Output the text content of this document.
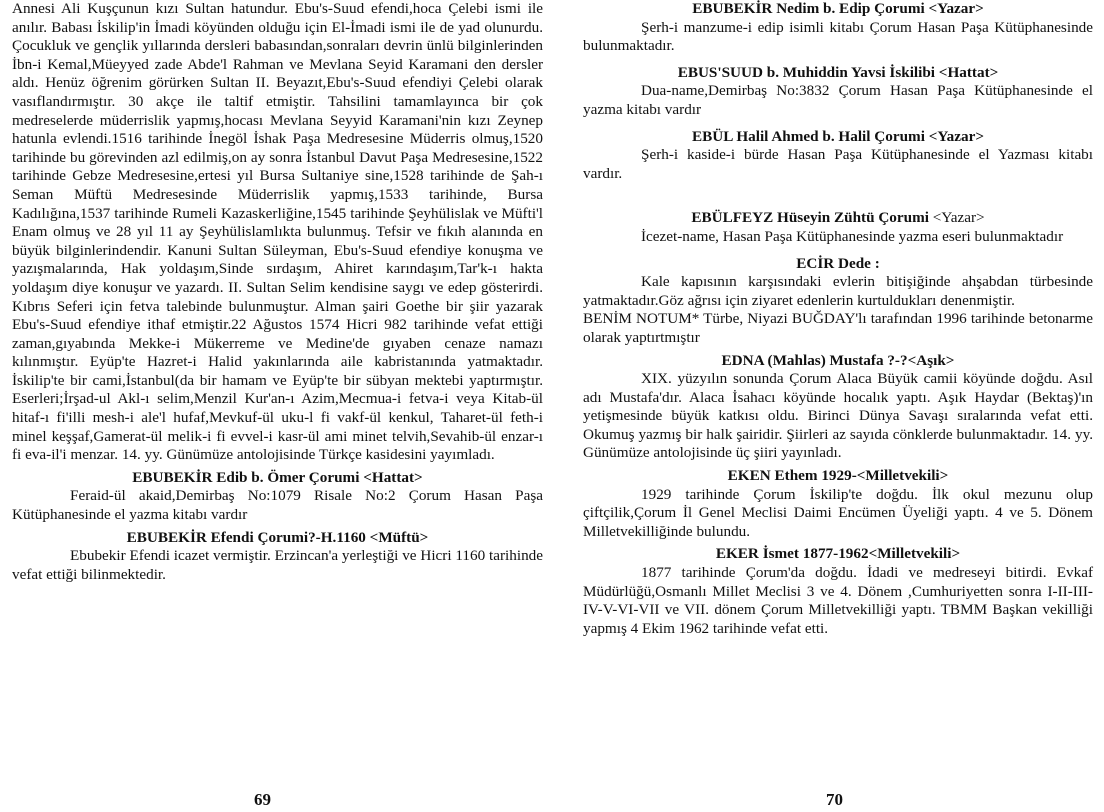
Annesi Ali Kuşçunun kızı Sultan hatundur. Ebu's-Suud efendi,hoca Çelebi ismi ile anılır. Babası İskilip'in İmadi köyünden olduğu için El-İmadi ismi ile de yad olunurdu. Çocukluk ve gençlik yıllarında dersleri babasından,sonraları devrin ünlü bilginlerinden İbn-i Kemal,Müeyyed zade Abde'l Rahman ve Mevlana Seyid Karamani den dersler aldı. Henüz öğrenim görürken Sultan II. Beyazıt,Ebu's-Suud efendiyi Çelebi olarak vasıflandırmıştır. 30 akçe ile taltif etmiştir. Tahsilini tamamlayınca bir çok medreselerde müderrislik yapmış,hocası Mevlana Seyyid Karamani'nin kızı Zeynep hatunla evlendi.1516 tarihinde İnegöl İshak Paşa Medresesine Müderris olmuş,1520 tarihinde bu görevinden azl edilmiş,on ay sonra İstanbul Davut Paşa Medresesine,1522 tarihinde Gebze Medresesine,ertesi yıl Bursa Sultaniye sine,1528 tarihinde de Şah-ı Seman Müftü Medresesinde Müderrislik yapmış,1533 tarihinde, Bursa Kadılığına,1537 tarihinde Rumeli Kazaskerliğine,1545 tarihinde Şeyhülislak ve Müfti'l Enam olmuş ve 28 yıl 11 ay Şeyhülislamlıkta bulunmuş. Tefsir ve fıkıh alanında en büyük bilginlerindendir. Kanuni Sultan Süleyman, Ebu's-Suud efendiye konuşma ve yazışmalarında, Hak yoldaşım,Sinde sırdaşım, Ahiret karındaşım,Tar'k-ı hakta yoldaşım diye konuşur ve yazardı. II. Sultan Selim kendisine saygı ve edep gösterirdi. Kıbrıs Seferi için fetva talebinde bulunmuştur. Alman şairi Goethe bir şiir yazarak Ebu's-Suud efendiye ithaf etmiştir.22 Ağustos 1574 Hicri 982 tarihinde vefat ettiği zaman,gıyabında Mekke-i Mükerreme ve Medine'de gıyaben cenaze namazı kılınmıştır. Eyüp'te Hazret-i Halid yakınlarında aile kabristanında yatmaktadır. İskilip'te bir cami,İstanbul(da bir hamam ve Eyüp'te bir sübyan mektebi yaptırmıştır. Eserleri;İrşad-ul Akl-ı selim,Menzil Kur'an-ı Azim,Mecmua-i fetva-i veya Kitab-ül hitaf-ı fi'illi mesh-i ale'l hufaf,Mevkuf-ül uku-l fi vakf-ül kenkul, Taharet-ül feth-i minel keşşaf,Gamerat-ül melik-i fi evvel-i kasr-ül ami minet telvih,Sevahib-ül enzar-ı fi eva-il'i menzar. 14. yy. Günümüze antolojisinde Türkçe kasidesini yayımladı.

EBUBEKİR Edib b. Ömer Çorumi <Hattat>

Feraid-ül akaid,Demirbaş No:1079 Risale No:2 Çorum Hasan Paşa Kütüphanesinde el yazma kitabı vardır

EBUBEKİR Efendi Çorumi?-H.1160 <Müftü>

Ebubekir Efendi icazet vermiştir. Erzincan'a yerleştiği ve Hicri 1160 tarihinde vefat ettiği bilinmektedir.

69

EBUBEKİR Nedim b. Edip Çorumi <Yazar>

Şerh-i manzume-i edip isimli kitabı Çorum Hasan Paşa Kütüphanesinde bulunmaktadır.

EBUS'SUUD b. Muhiddin Yavsi İskilibi <Hattat>

Dua-name,Demirbaş No:3832 Çorum Hasan Paşa Kütüphanesinde el yazma kitabı vardır

EBÜL Halil Ahmed b. Halil Çorumi <Yazar>

Şerh-i kaside-i bürde Hasan Paşa Kütüphanesinde el Yazması kitabı vardır.

EBÜLFEYZ Hüseyin Zühtü Çorumi <Yazar>

İcezet-name, Hasan Paşa Kütüphanesinde yazma eseri bulunmaktadır

ECİR Dede :

Kale kapısının karşısındaki evlerin bitişiğinde ahşabdan türbesinde yatmaktadır.Göz ağrısı için ziyaret edenlerin kurtuldukları denenmiştir.

BENİM NOTUM* Türbe, Niyazi BUĞDAY'lı tarafından 1996 tarihinde betonarme olarak yaptırtmıştır

EDNA (Mahlas) Mustafa ?-?<Aşık>

XIX. yüzyılın sonunda Çorum Alaca Büyük camii köyünde doğdu. Asıl adı Mustafa'dır. Alaca İsahacı köyünde hocalık yaptı. Aşık Haydar (Bektaş)'ın yetişmesinde büyük katkısı oldu. Birinci Dünya Savaşı sıralarında vefat etti. Okumuş yazmış bir halk şairidir. Şiirleri az sayıda cönklerde bulunmaktadır. 14. yy. Günümüze antolojisinde üç şiiri yayınladı.

EKEN Ethem 1929-<Milletvekili>

1929 tarihinde Çorum İskilip'te doğdu. İlk okul mezunu olup çiftçilik,Çorum İl Genel Meclisi Daimi Encümen Üyeliği yaptı. 4 ve 5. Dönem Milletvekilliğinde bulundu.

EKER İsmet 1877-1962<Milletvekili>

1877 tarihinde Çorum'da doğdu. İdadi ve medreseyi bitirdi. Evkaf Müdürlüğü,Osmanlı Millet Meclisi 3 ve 4. Dönem ,Cumhuriyetten sonra I-II-III-IV-V-VI-VII ve VII. dönem Çorum Milletvekilliği yaptı. TBMM Başkan vekilliği yapmış 4 Ekim 1962 tarihinde vefat etti.

70
